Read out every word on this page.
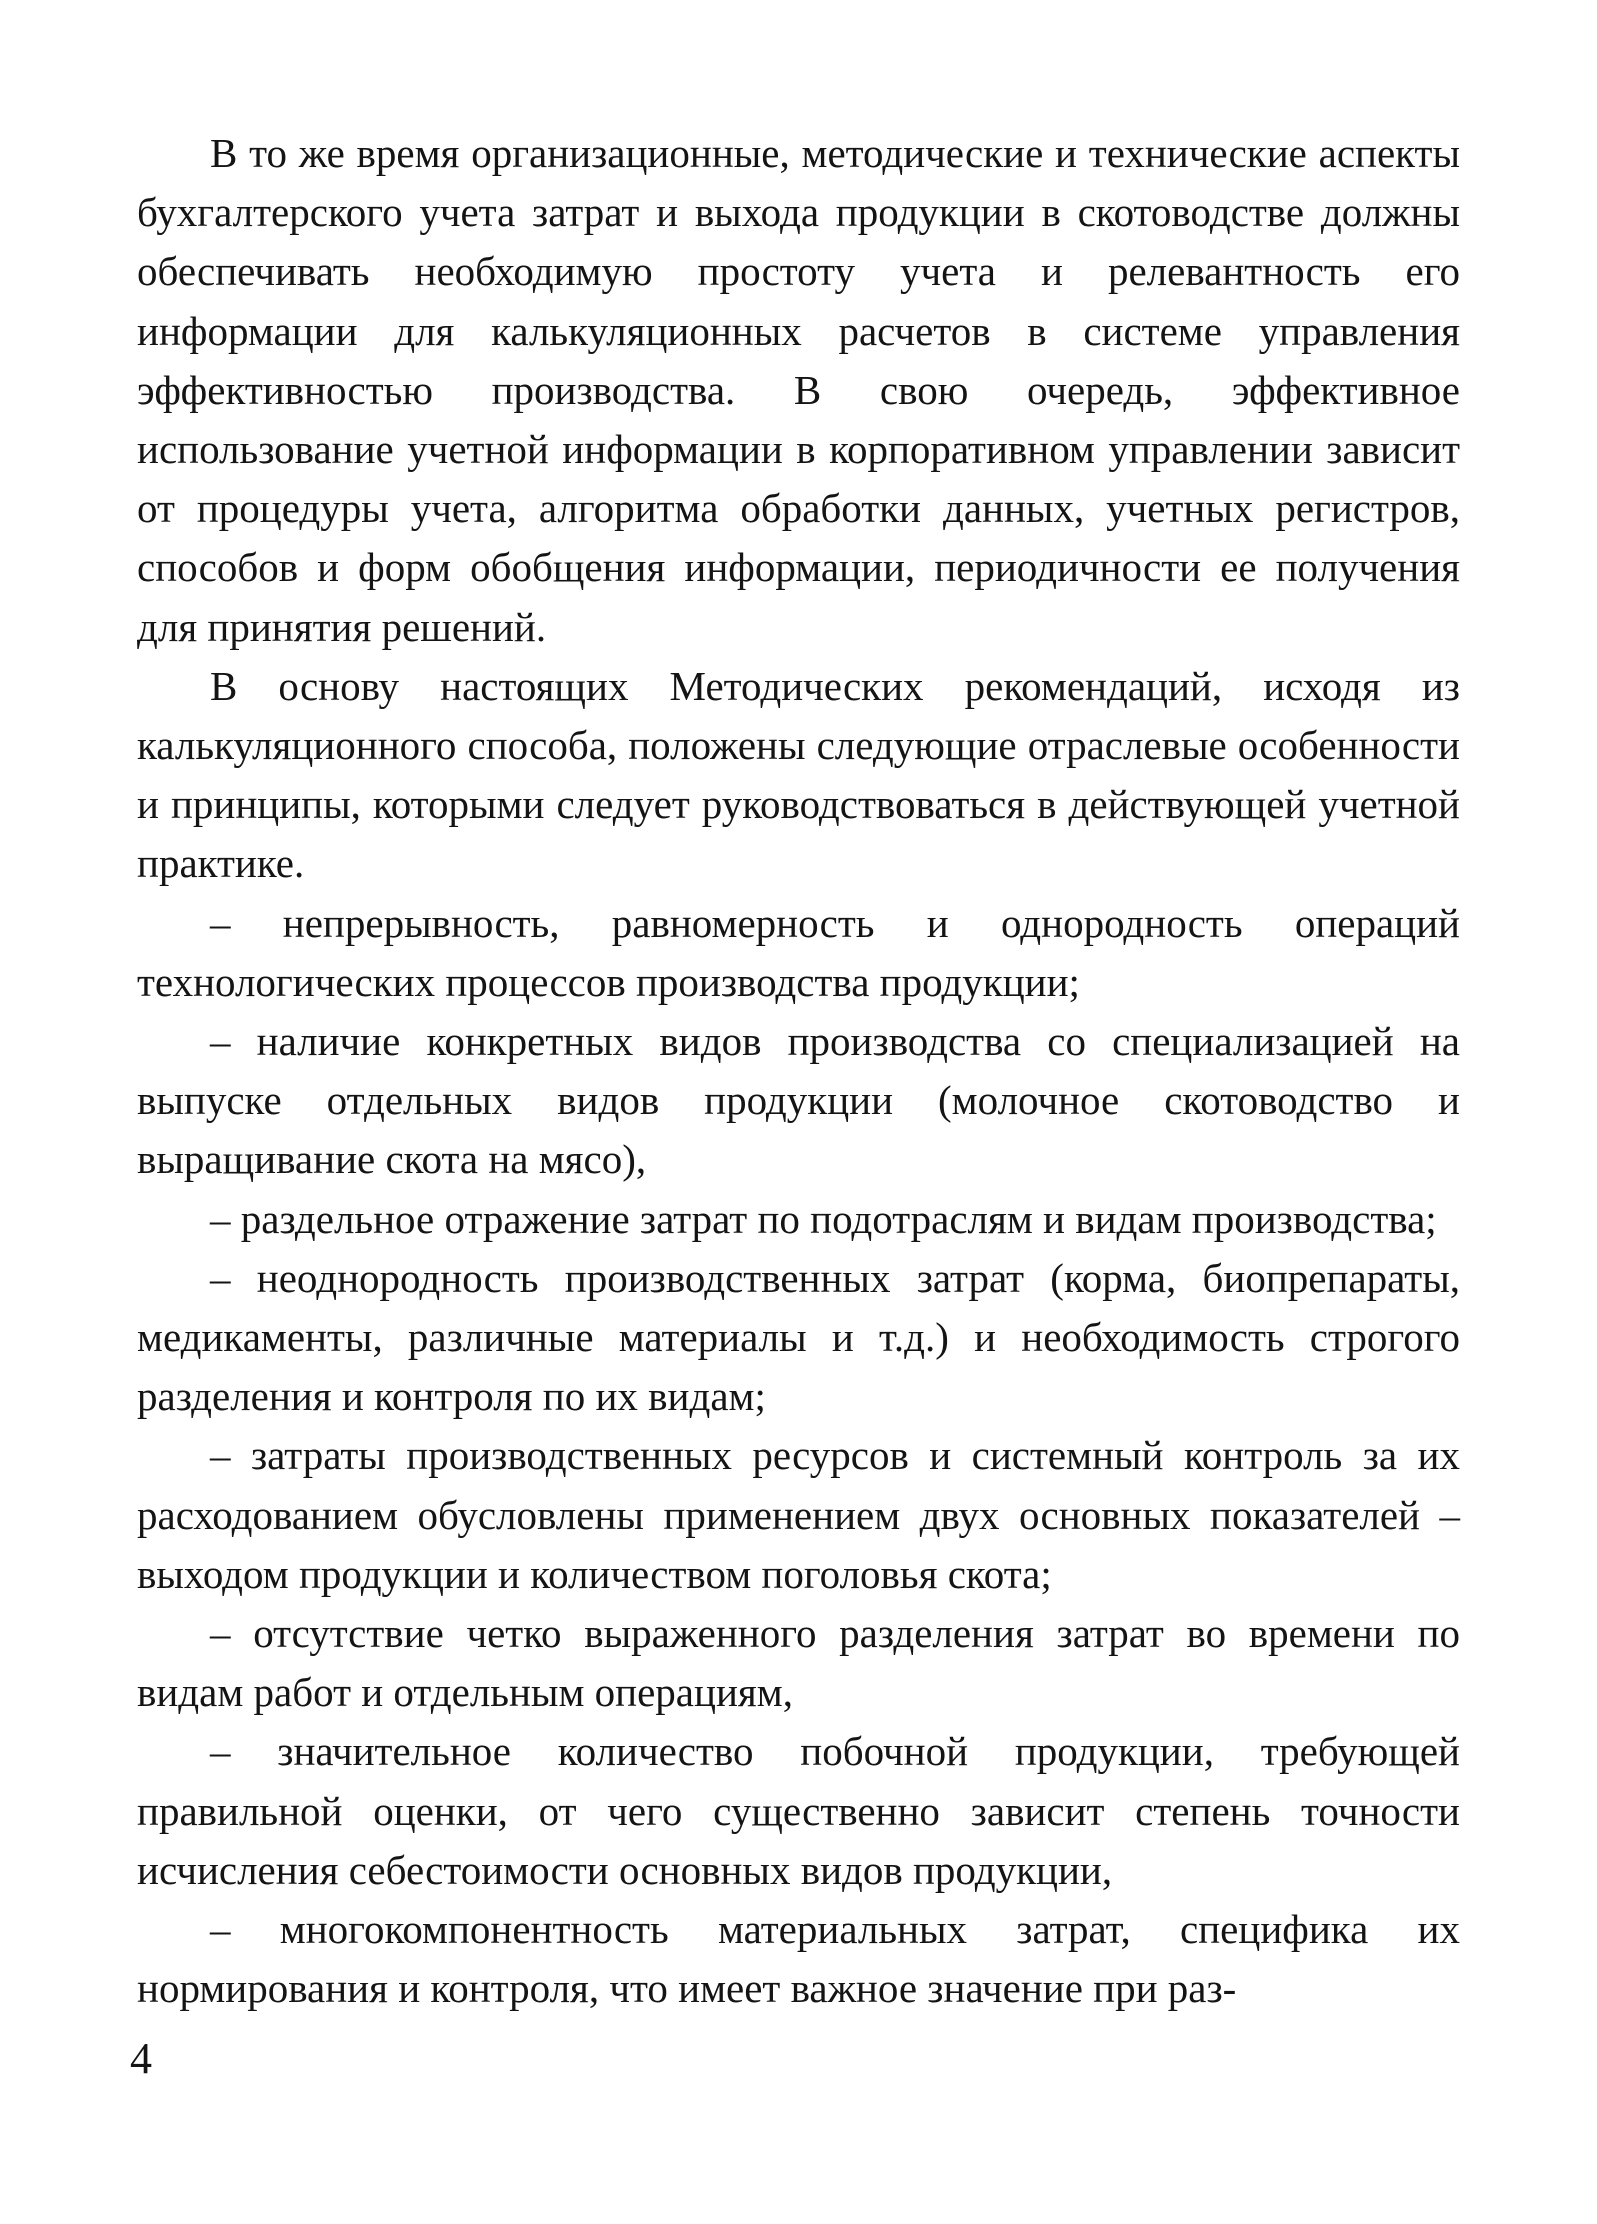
В то же время организационные, методические и технические аспекты бухгалтерского учета затрат и выхода продукции в скотоводстве должны обеспечивать необходимую простоту учета и релевантность его информации для калькуляционных расчетов в системе управления эффективностью производства. В свою очередь, эффективное использование учетной информации в корпоративном управлении зависит от процедуры учета, алгоритма обработки данных, учетных регистров, способов и форм обобщения информации, периодичности ее получения для принятия решений.

В основу настоящих Методических рекомендаций, исходя из калькуляционного способа, положены следующие отраслевые особенности и принципы, которыми следует руководствоваться в действующей учетной практике.

– непрерывность, равномерность и однородность операций технологических процессов производства продукции;

– наличие конкретных видов производства со специализацией на выпуске отдельных видов продукции (молочное скотоводство и выращивание скота на мясо),

– раздельное отражение затрат по подотраслям и видам производства;

– неоднородность производственных затрат (корма, биопрепараты, медикаменты, различные материалы и т.д.) и необходимость строгого разделения и контроля по их видам;

– затраты производственных ресурсов и системный контроль за их расходованием обусловлены применением двух основных показателей – выходом продукции и количеством поголовья скота;

– отсутствие четко выраженного разделения затрат во времени по видам работ и отдельным операциям,

– значительное количество побочной продукции, требующей правильной оценки, от чего существенно зависит степень точности исчисления себестоимости основных видов продукции,

– многокомпонентность материальных затрат, специфика их нормирования и контроля, что имеет важное значение при раз-

4
